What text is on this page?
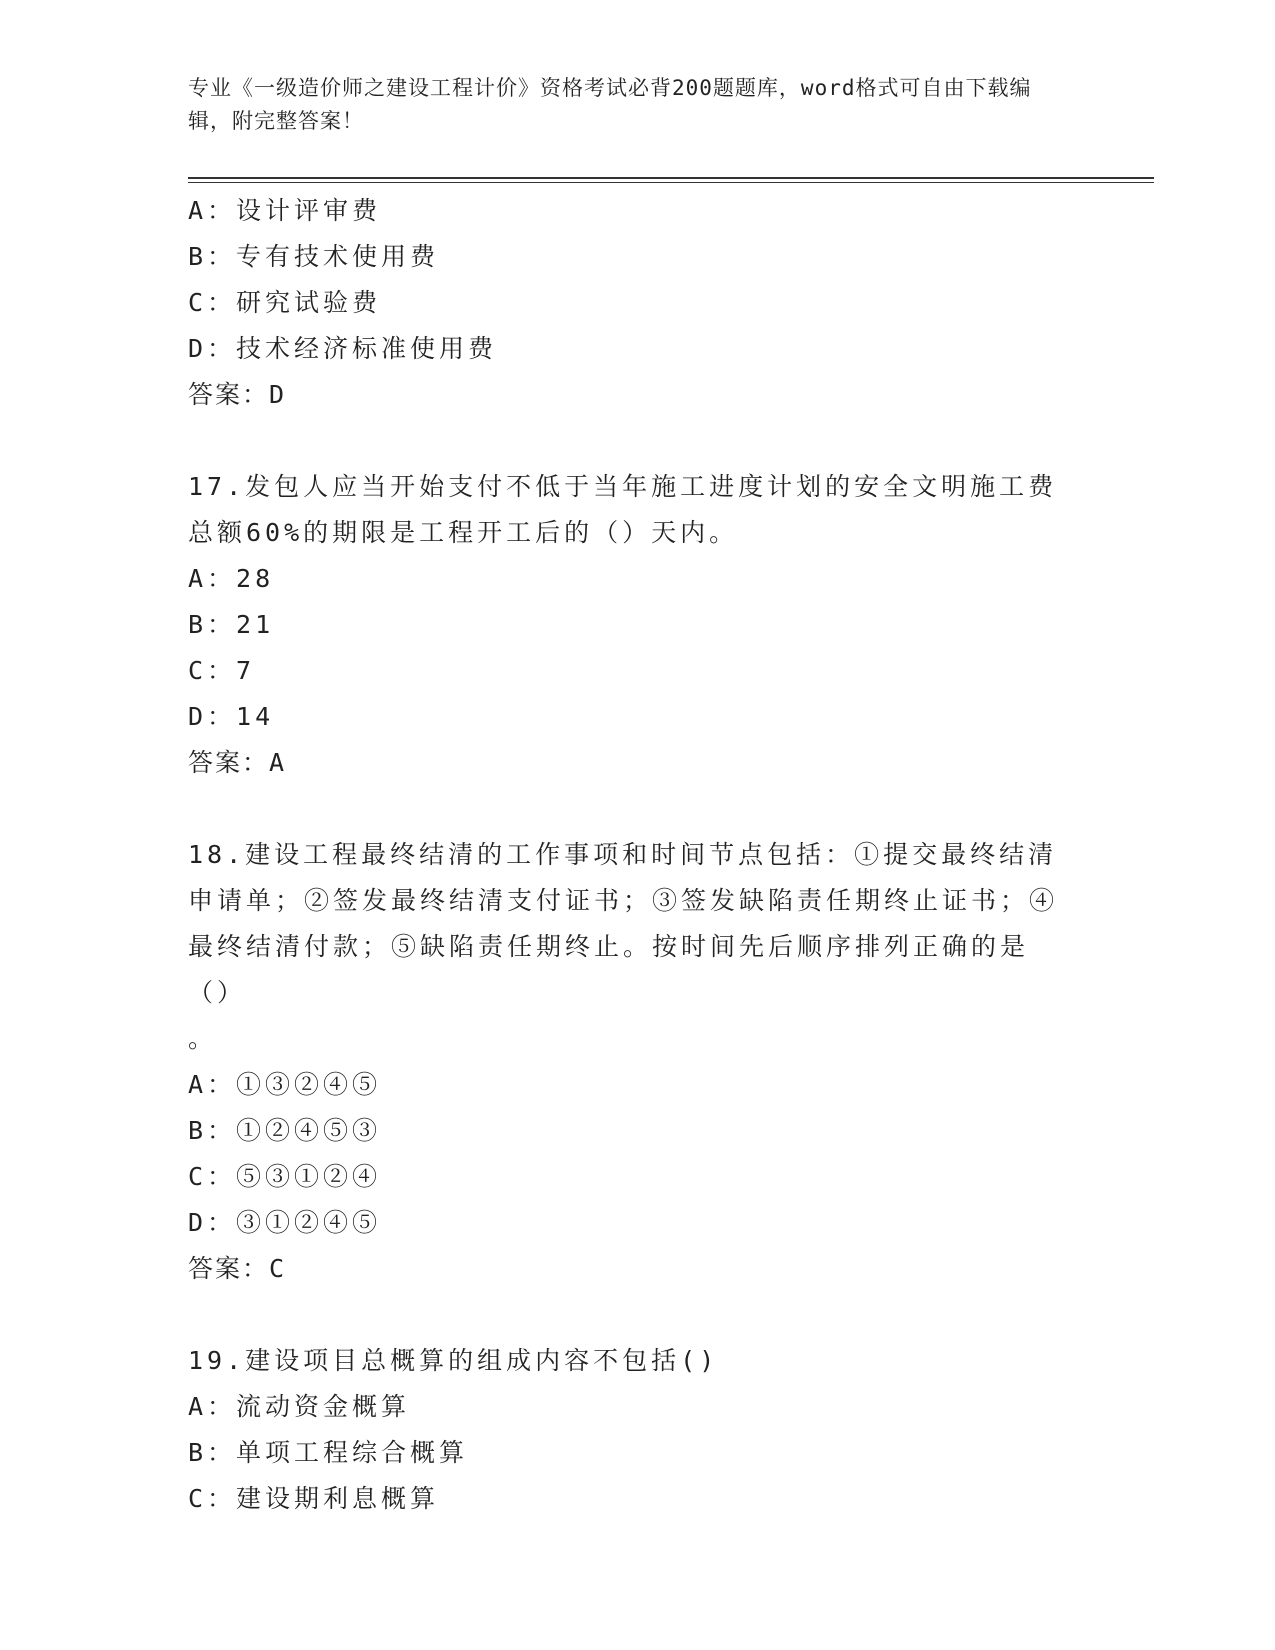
专业《一级造价师之建设工程计价》资格考试必背200题题库，word格式可自由下载编辑，附完整答案！
A：设计评审费
B：专有技术使用费
C：研究试验费
D：技术经济标准使用费
答案：D
17.发包人应当开始支付不低于当年施工进度计划的安全文明施工费总额60%的期限是工程开工后的（）天内。
A：28
B：21
C：7
D：14
答案：A
18.建设工程最终结清的工作事项和时间节点包括：①提交最终结清申请单；②签发最终结清支付证书；③签发缺陷责任期终止证书；④最终结清付款；⑤缺陷责任期终止。按时间先后顺序排列正确的是（）
。
A：①③②④⑤
B：①②④⑤③
C：⑤③①②④
D：③①②④⑤
答案：C
19.建设项目总概算的组成内容不包括()
A：流动资金概算
B：单项工程综合概算
C：建设期利息概算
